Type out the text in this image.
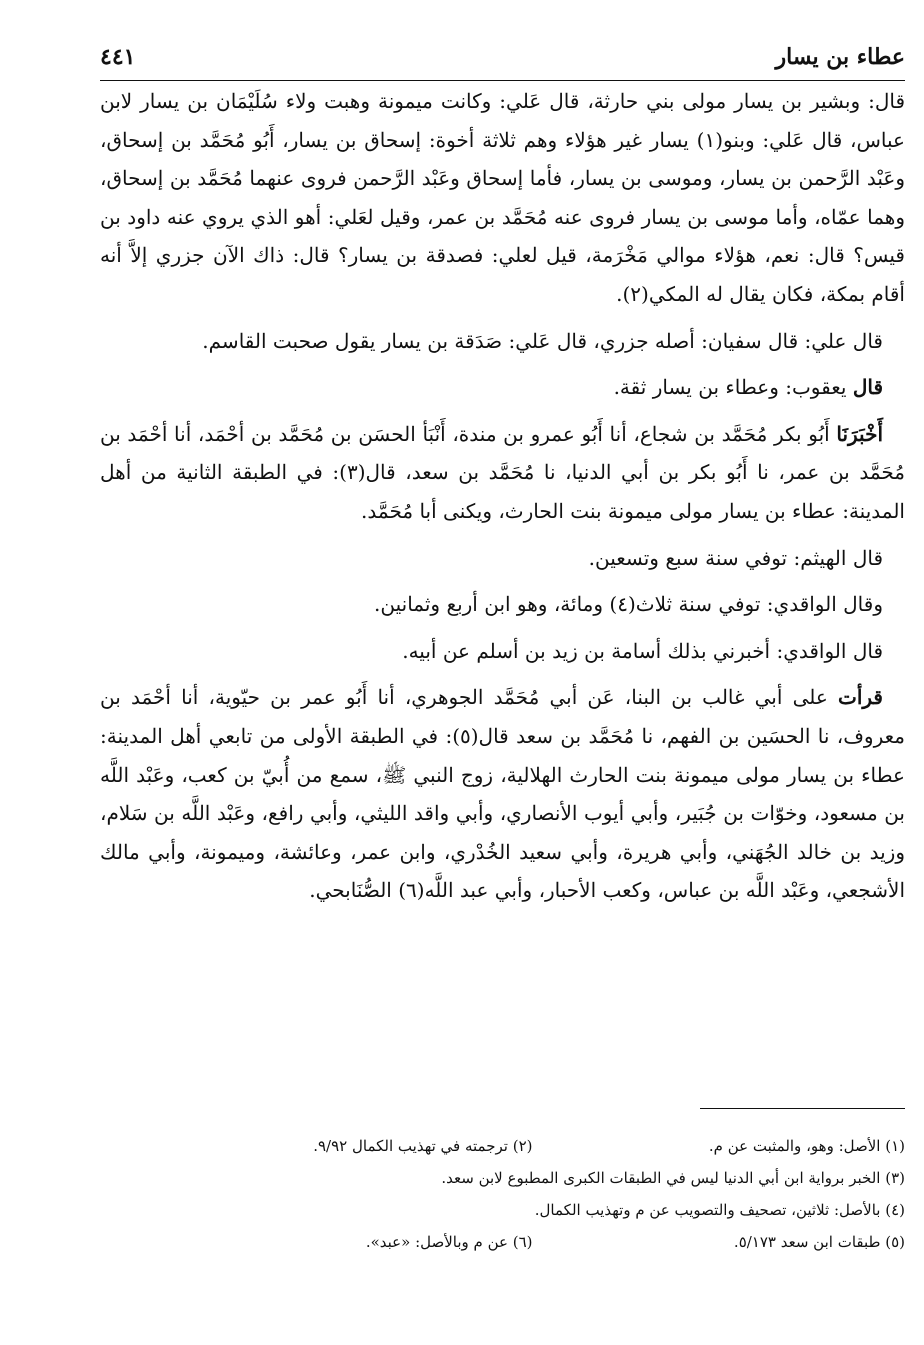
٤٤١	عطاء بن يسار

قال: وبشير بن يسار مولى بني حارثة، قال عَلي: وكانت ميمونة وهبت ولاء سُلَيْمَان بن يسار لابن عباس، قال عَلي: وبنو(١) يسار غير هؤلاء وهم ثلاثة أخوة: إسحاق بن يسار، أَبُو مُحَمَّد بن إسحاق، وعَبْد الرَّحمن بن يسار، وموسى بن يسار، فأما إسحاق وعَبْد الرَّحمن فروى عنهما مُحَمَّد بن إسحاق، وهما عمّاه، وأما موسى بن يسار فروى عنه مُحَمَّد بن عمر، وقيل لعَلي: أهو الذي يروي عنه داود بن قيس؟ قال: نعم، هؤلاء موالي مَخْرَمة، قيل لعلي: فصدقة بن يسار؟ قال: ذاك الآن جزري إلاَّ أنه أقام بمكة، فكان يقال له المكي(٢).

قال علي: قال سفيان: أصله جزري، قال عَلي: صَدَقة بن يسار يقول صحبت القاسم.

قال يعقوب: وعطاء بن يسار ثقة.

أَخْبَرَنَا أَبُو بكر مُحَمَّد بن شجاع، أنا أَبُو عمرو بن مندة، أَنْبَأ الحسَن بن مُحَمَّد بن أحْمَد، أنا أحْمَد بن مُحَمَّد بن عمر، نا أَبُو بكر بن أبي الدنيا، نا مُحَمَّد بن سعد، قال(٣): في الطبقة الثانية من أهل المدينة: عطاء بن يسار مولى ميمونة بنت الحارث، ويكنى أبا مُحَمَّد.

قال الهيثم: توفي سنة سبع وتسعين.

وقال الواقدي: توفي سنة ثلاث(٤) ومائة، وهو ابن أربع وثمانين.

قال الواقدي: أخبرني بذلك أسامة بن زيد بن أسلم عن أبيه.

قرأت على أبي غالب بن البنا، عَن أبي مُحَمَّد الجوهري، أنا أَبُو عمر بن حيّوية، أنا أحْمَد بن معروف، نا الحسَين بن الفهم، نا مُحَمَّد بن سعد قال(٥): في الطبقة الأولى من تابعي أهل المدينة: عطاء بن يسار مولى ميمونة بنت الحارث الهلالية، زوج النبي ﷺ، سمع من أُبيّ بن كعب، وعَبْد اللَّه بن مسعود، وخوّات بن جُبَير، وأبي أيوب الأنصاري، وأبي واقد الليثي، وأبي رافع، وعَبْد اللَّه بن سَلام، وزيد بن خالد الجُهَني، وأبي هريرة، وأبي سعيد الخُدْري، وابن عمر، وعائشة، وميمونة، وأبي مالك الأشجعي، وعَبْد اللَّه بن عباس، وكعب الأحبار، وأبي عبد اللَّه(٦) الصُّنَابحي.

(١) الأصل: وهو، والمثبت عن م.
(٢) ترجمته في تهذيب الكمال ٩/٩٢.
(٣) الخبر برواية ابن أبي الدنيا ليس في الطبقات الكبرى المطبوع لابن سعد.
(٤) بالأصل: ثلاثين، تصحيف والتصويب عن م وتهذيب الكمال.
(٥) طبقات ابن سعد ٥/١٧٣.
(٦) عن م وبالأصل: «عبد».
